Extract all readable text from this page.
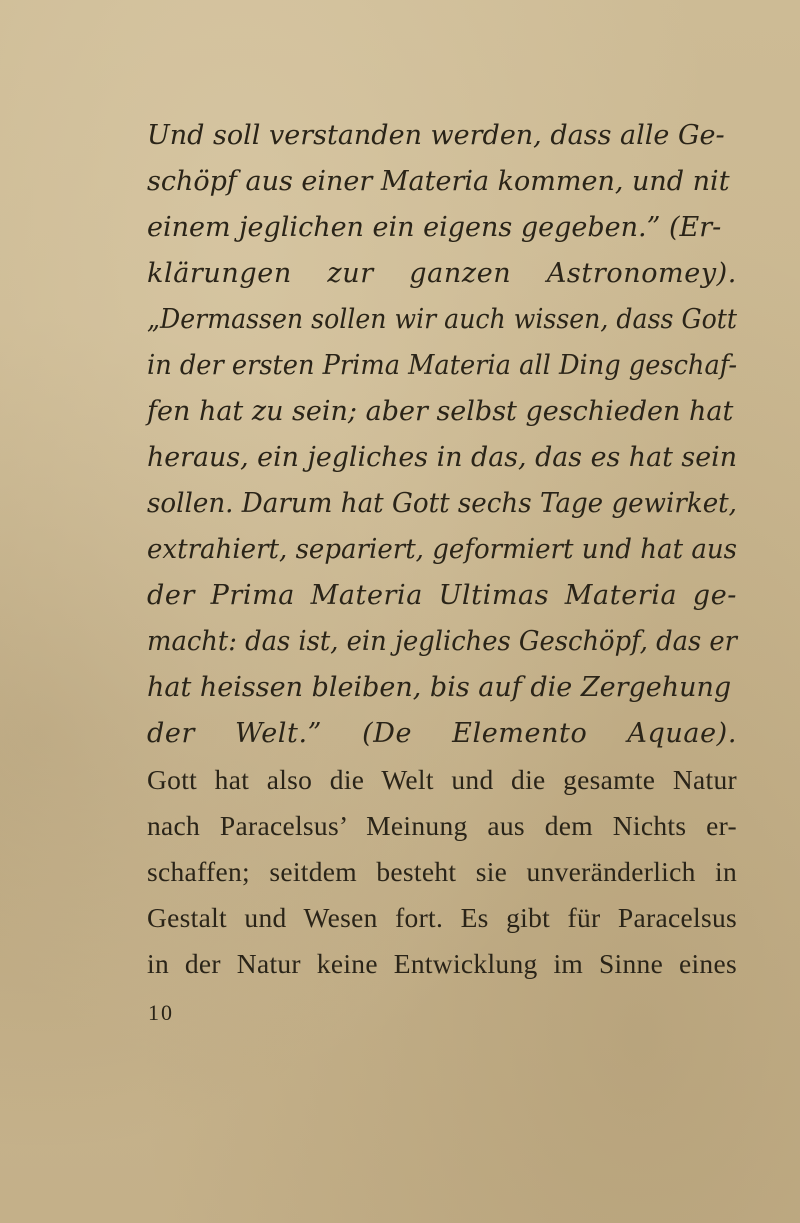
Und soll verstanden werden, dass alle Ge-
schöpf aus einer Materia kommen, und nit
einem jeglichen ein eigens gegeben.” (Er-
klärungen zur ganzen Astronomey).
„Dermassen sollen wir auch wissen, dass Gott
in der ersten Prima Materia all Ding geschaf-
fen hat zu sein; aber selbst geschieden hat
heraus, ein jegliches in das, das es hat sein
sollen. Darum hat Gott sechs Tage gewirket,
extrahiert, separiert, geformiert und hat aus
der Prima Materia Ultimas Materia ge-
macht: das ist, ein jegliches Geschöpf, das er
hat heissen bleiben, bis auf die Zergehung
der Welt.” (De Elemento Aquae).
Gott hat also die Welt und die gesamte Natur
nach Paracelsus’ Meinung aus dem Nichts er-
schaffen; seitdem besteht sie unveränderlich in
Gestalt und Wesen fort. Es gibt für Paracelsus
in der Natur keine Entwicklung im Sinne eines
10
